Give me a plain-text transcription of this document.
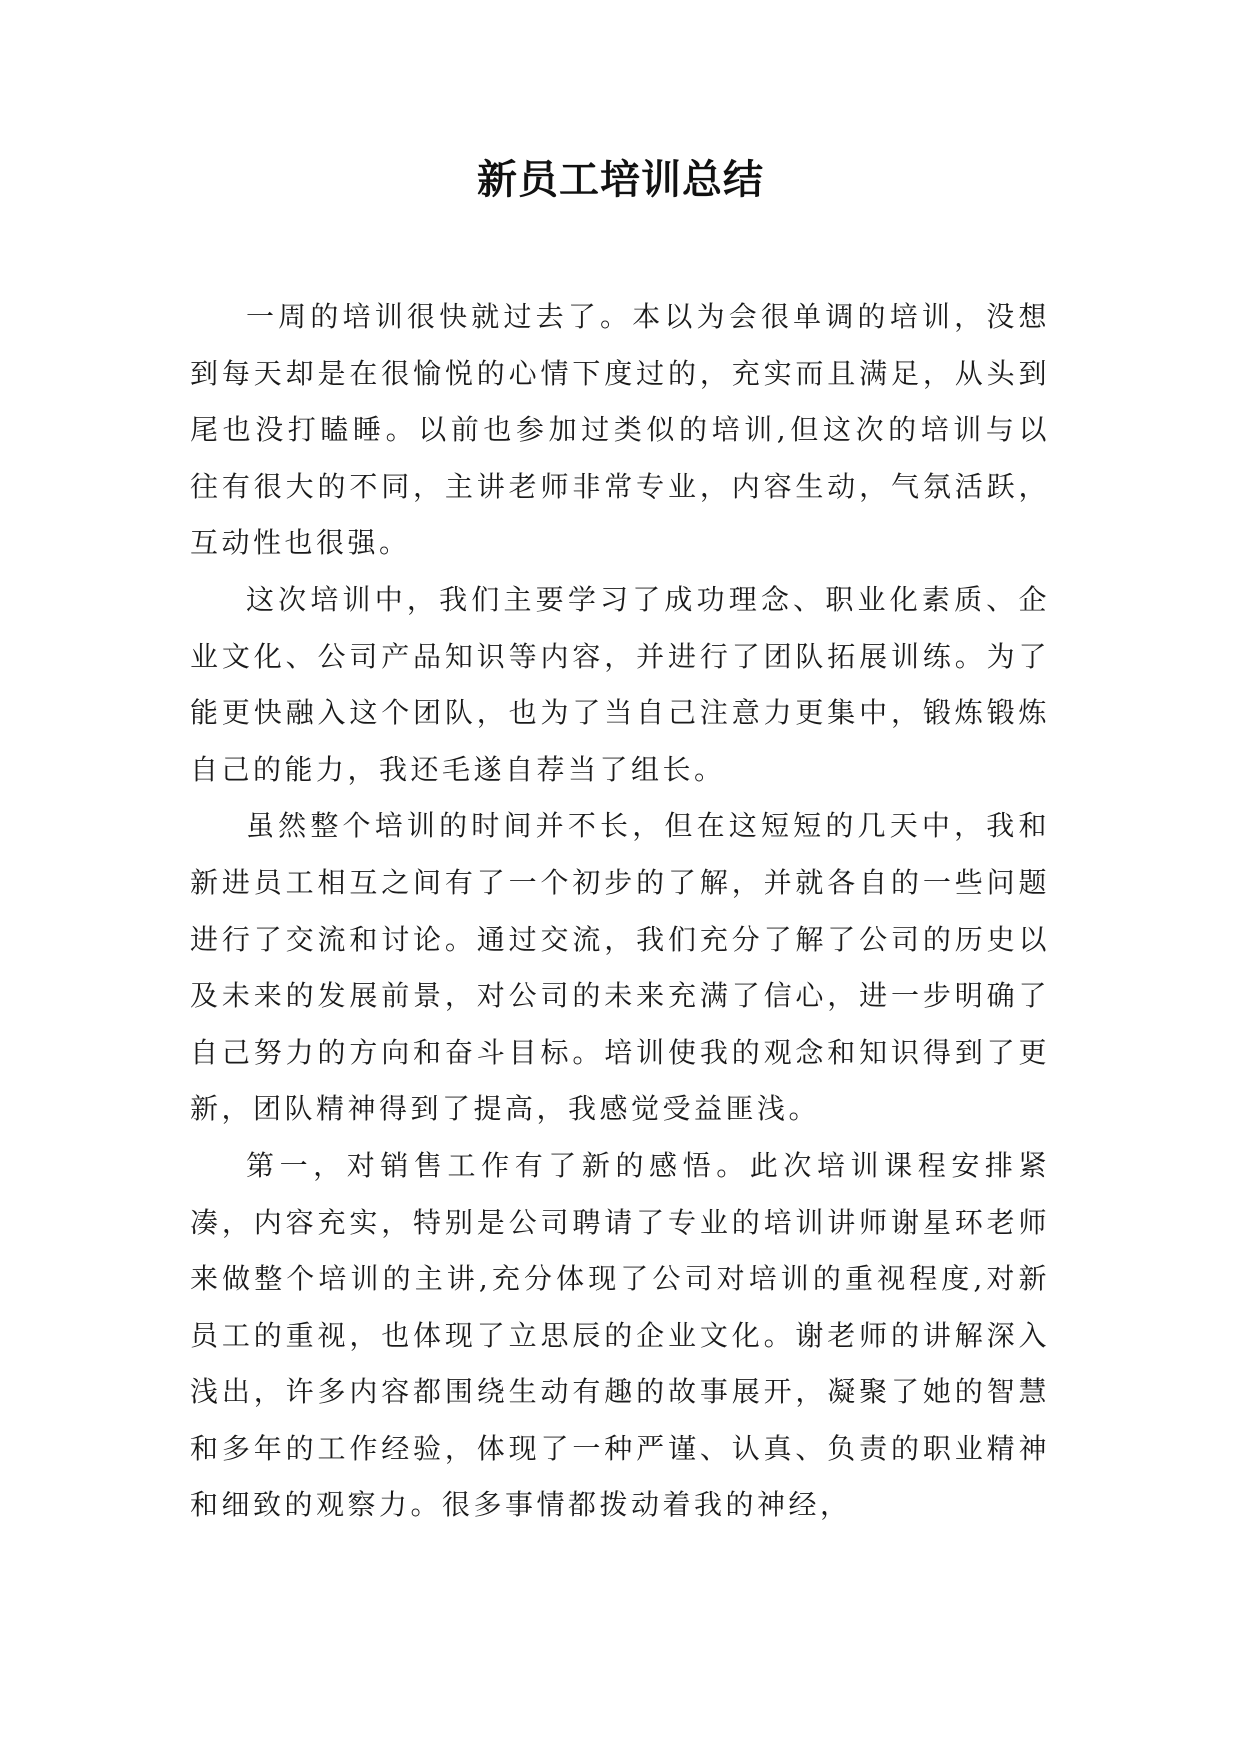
新员工培训总结

一周的培训很快就过去了。本以为会很单调的培训，没想到每天却是在很愉悦的心情下度过的，充实而且满足，从头到尾也没打瞌睡。以前也参加过类似的培训,但这次的培训与以往有很大的不同，主讲老师非常专业，内容生动，气氛活跃，互动性也很强。

这次培训中，我们主要学习了成功理念、职业化素质、企业文化、公司产品知识等内容，并进行了团队拓展训练。为了能更快融入这个团队，也为了当自己注意力更集中，锻炼锻炼自己的能力，我还毛遂自荐当了组长。

虽然整个培训的时间并不长，但在这短短的几天中，我和新进员工相互之间有了一个初步的了解，并就各自的一些问题进行了交流和讨论。通过交流，我们充分了解了公司的历史以及未来的发展前景，对公司的未来充满了信心，进一步明确了自己努力的方向和奋斗目标。培训使我的观念和知识得到了更新，团队精神得到了提高，我感觉受益匪浅。

第一，对销售工作有了新的感悟。此次培训课程安排紧凑，内容充实，特别是公司聘请了专业的培训讲师谢星环老师来做整个培训的主讲,充分体现了公司对培训的重视程度,对新员工的重视，也体现了立思辰的企业文化。谢老师的讲解深入浅出，许多内容都围绕生动有趣的故事展开，凝聚了她的智慧和多年的工作经验，体现了一种严谨、认真、负责的职业精神和细致的观察力。很多事情都拨动着我的神经，
